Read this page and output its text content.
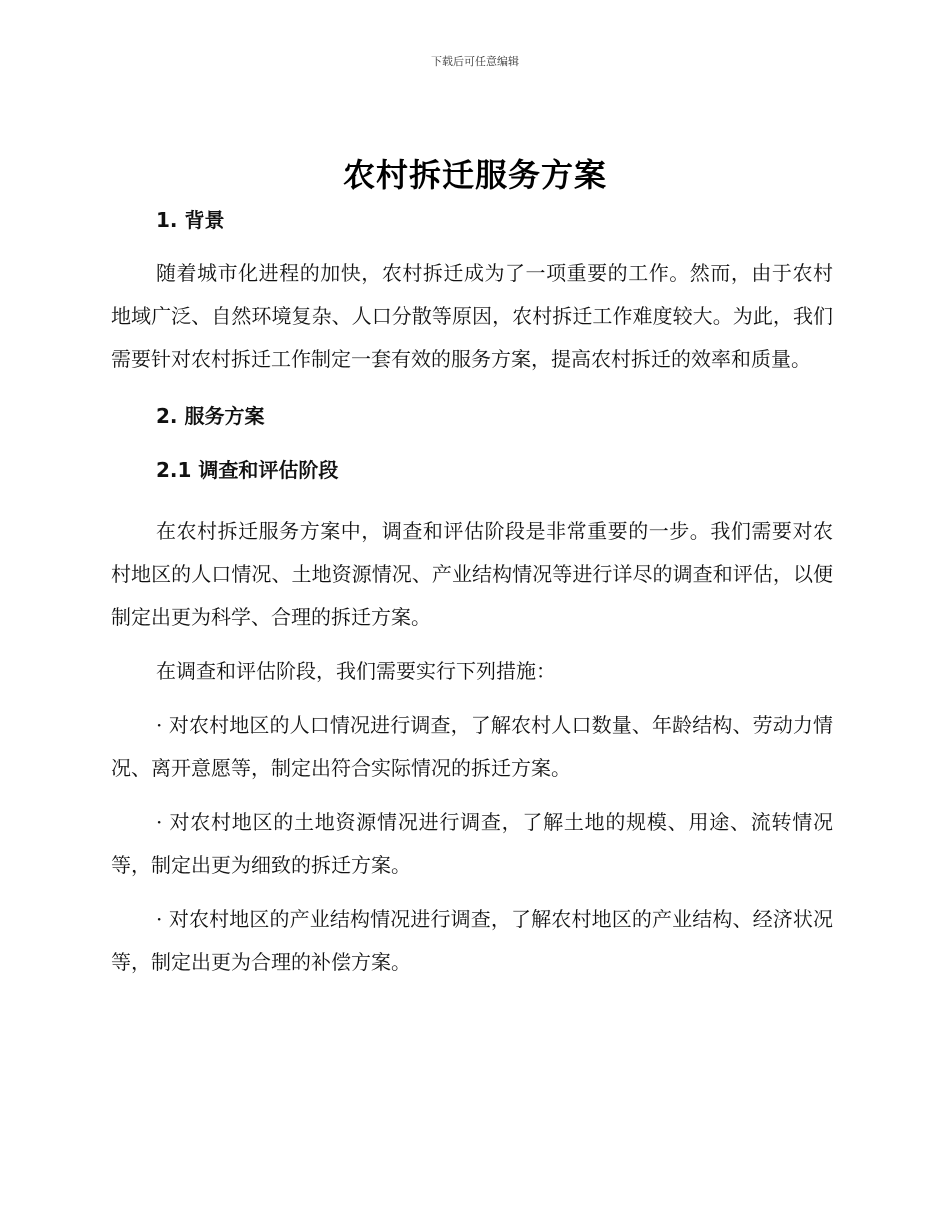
下载后可任意编辑
农村拆迁服务方案

1. 背景

随着城市化进程的加快，农村拆迁成为了一项重要的工作。然而，由于农村地域广泛、自然环境复杂、人口分散等原因，农村拆迁工作难度较大。为此，我们需要针对农村拆迁工作制定一套有效的服务方案，提高农村拆迁的效率和质量。

2. 服务方案

2.1 调查和评估阶段

在农村拆迁服务方案中，调查和评估阶段是非常重要的一步。我们需要对农村地区的人口情况、土地资源情况、产业结构情况等进行详尽的调查和评估，以便制定出更为科学、合理的拆迁方案。

在调查和评估阶段，我们需要实行下列措施：

· 对农村地区的人口情况进行调查，了解农村人口数量、年龄结构、劳动力情况、离开意愿等，制定出符合实际情况的拆迁方案。

· 对农村地区的土地资源情况进行调查，了解土地的规模、用途、流转情况等，制定出更为细致的拆迁方案。

· 对农村地区的产业结构情况进行调查，了解农村地区的产业结构、经济状况等，制定出更为合理的补偿方案。
